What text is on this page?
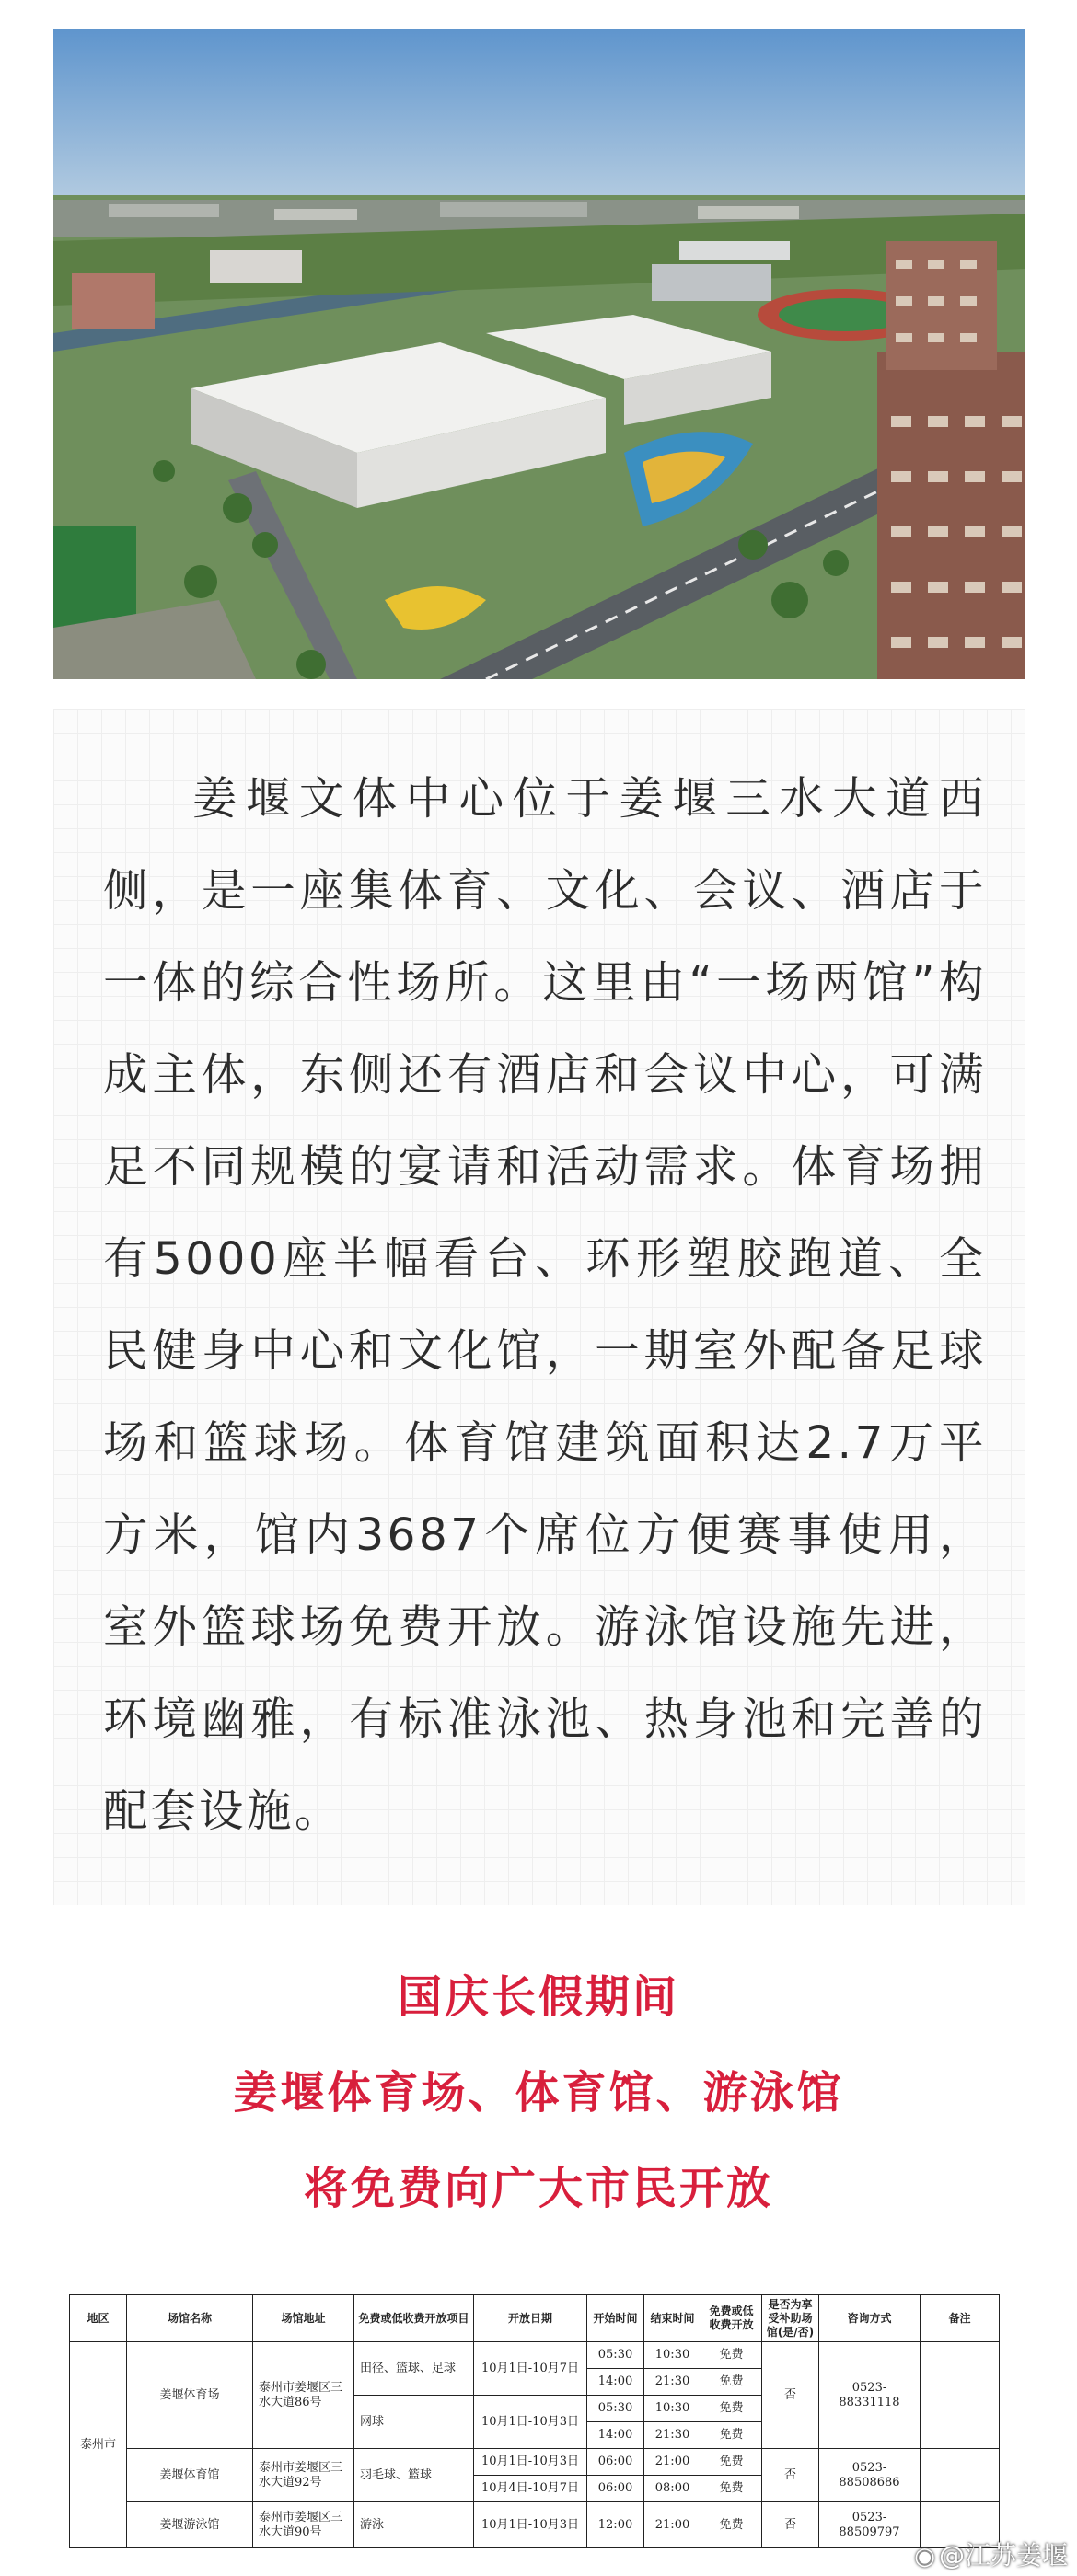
姜堰文体中心位于姜堰三水大道西侧，是一座集体育、文化、会议、酒店于一体的综合性场所。这里由“一场两馆”构成主体，东侧还有酒店和会议中心，可满足不同规模的宴请和活动需求。体育场拥有5000座半幅看台、环形塑胶跑道、全民健身中心和文化馆，一期室外配备足球场和篮球场。体育馆建筑面积达2.7万平方米，馆内3687个席位方便赛事使用，室外篮球场免费开放。游泳馆设施先进，环境幽雅，有标准泳池、热身池和完善的配套设施。

国庆长假期间
姜堰体育场、体育馆、游泳馆
将免费向广大市民开放
地区	场馆名称	场馆地址	免费或低收费开放项目	开放日期	开始时间	结束时间	免费或低收费开放	是否为享受补助场馆(是/否)	咨询方式	备注
泰州市	姜堰体育场	泰州市姜堰区三水大道86号	田径、篮球、足球	10月1日-10月7日	05:30	10:30	免费	否	0523-88331118	
					14:00	21:30	免费			
			网球	10月1日-10月3日	05:30	10:30	免费			
					14:00	21:30	免费			
	姜堰体育馆	泰州市姜堰区三水大道92号	羽毛球、篮球	10月1日-10月3日	06:00	21:00	免费	否	0523-88508686	
				10月4日-10月7日	06:00	08:00	免费			
	姜堰游泳馆	泰州市姜堰区三水大道90号	游泳	10月1日-10月3日	12:00	21:00	免费	否	0523-88509797	
◉ @江苏姜堰
